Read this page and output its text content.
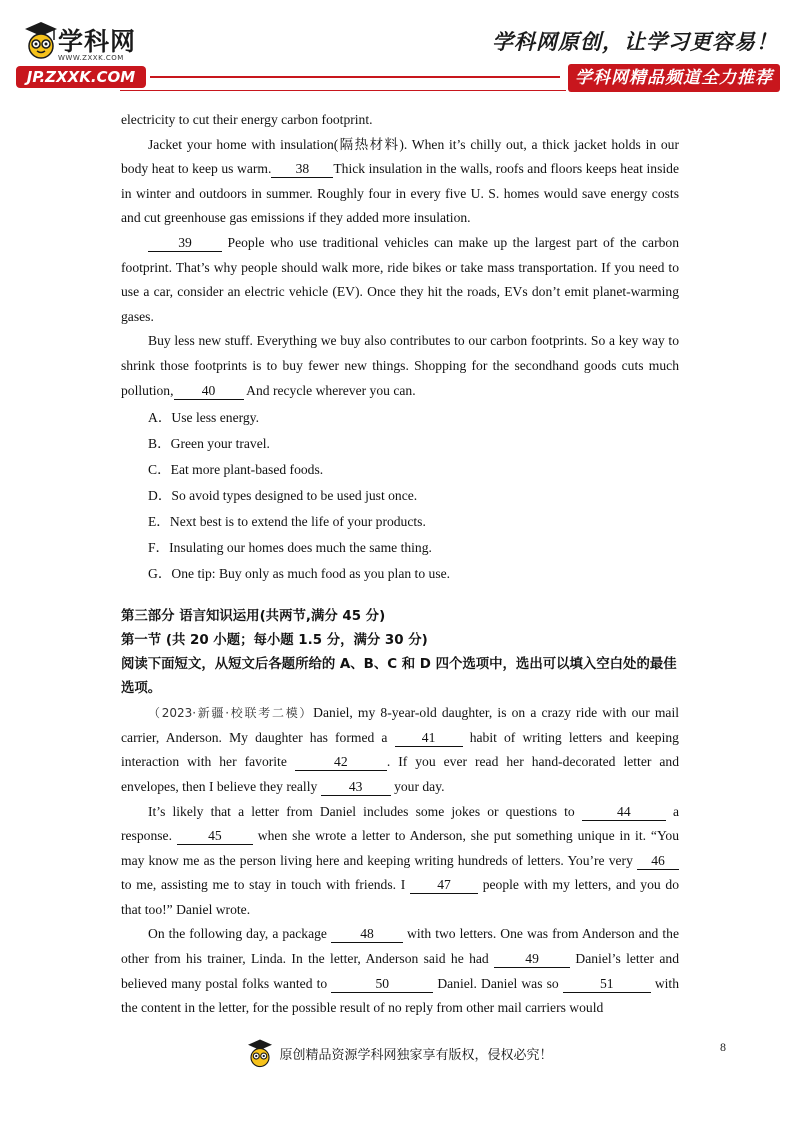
学科网
WWW.ZXXK.COM
JP.ZXXK.COM
学科网原创，让学习更容易！
学科网精品频道全力推荐

electricity to cut their energy carbon footprint.

Jacket your home with insulation(隔热材料). When it’s chilly out, a thick jacket holds in our body heat to keep us warm. 38 Thick insulation in the walls, roofs and floors keeps heat inside in winter and outdoors in summer. Roughly four in every five U. S. homes would save energy costs and cut greenhouse gas emissions if they added more insulation.

39 People who use traditional vehicles can make up the largest part of the carbon footprint. That’s why people should walk more, ride bikes or take mass transportation. If you need to use a car, consider an electric vehicle (EV). Once they hit the roads, EVs don’t emit planet-warming gases.

Buy less new stuff. Everything we buy also contributes to our carbon footprints. So a key way to shrink those footprints is to buy fewer new things. Shopping for the secondhand goods cuts much pollution, 40 And recycle wherever you can.

A．Use less energy.

B．Green your travel.

C．Eat more plant-based foods.

D．So avoid types designed to be used just once.

E．Next best is to extend the life of your products.

F．Insulating our homes does much the same thing.

G．One tip: Buy only as much food as you plan to use.

第三部分 语言知识运用(共两节,满分 45 分)

第一节 (共 20 小题；每小题 1.5 分，满分 30 分)

阅读下面短文，从短文后各题所给的 A、B、C 和 D 四个选项中，选出可以填入空白处的最佳选项。

（2023·新疆·校联考二模）Daniel, my 8-year-old daughter, is on a crazy ride with our mail carrier, Anderson. My daughter has formed a 41 habit of writing letters and keeping interaction with her favorite	42	. If you ever read her hand-decorated letter and envelopes, then I believe they really 43 your day.

It’s likely that a letter from Daniel includes some jokes or questions to	44	a response. 45 when she wrote a letter to Anderson, she put something unique in it. “You may know me as the person living here and keeping writing hundreds of letters. You’re very 46 to me, assisting me to stay in touch with friends. I 47 people with my letters, and you do that too!” Daniel wrote.

On the following day, a package 48 with two letters. One was from Anderson and the other from his trainer, Linda. In the letter, Anderson said he had 49 Daniel’s letter and believed many postal folks wanted to	50	Daniel. Daniel was so	51	with the content in the letter, for the possible result of no reply from other mail carriers would

8
原创精品资源学科网独家享有版权，侵权必究！
